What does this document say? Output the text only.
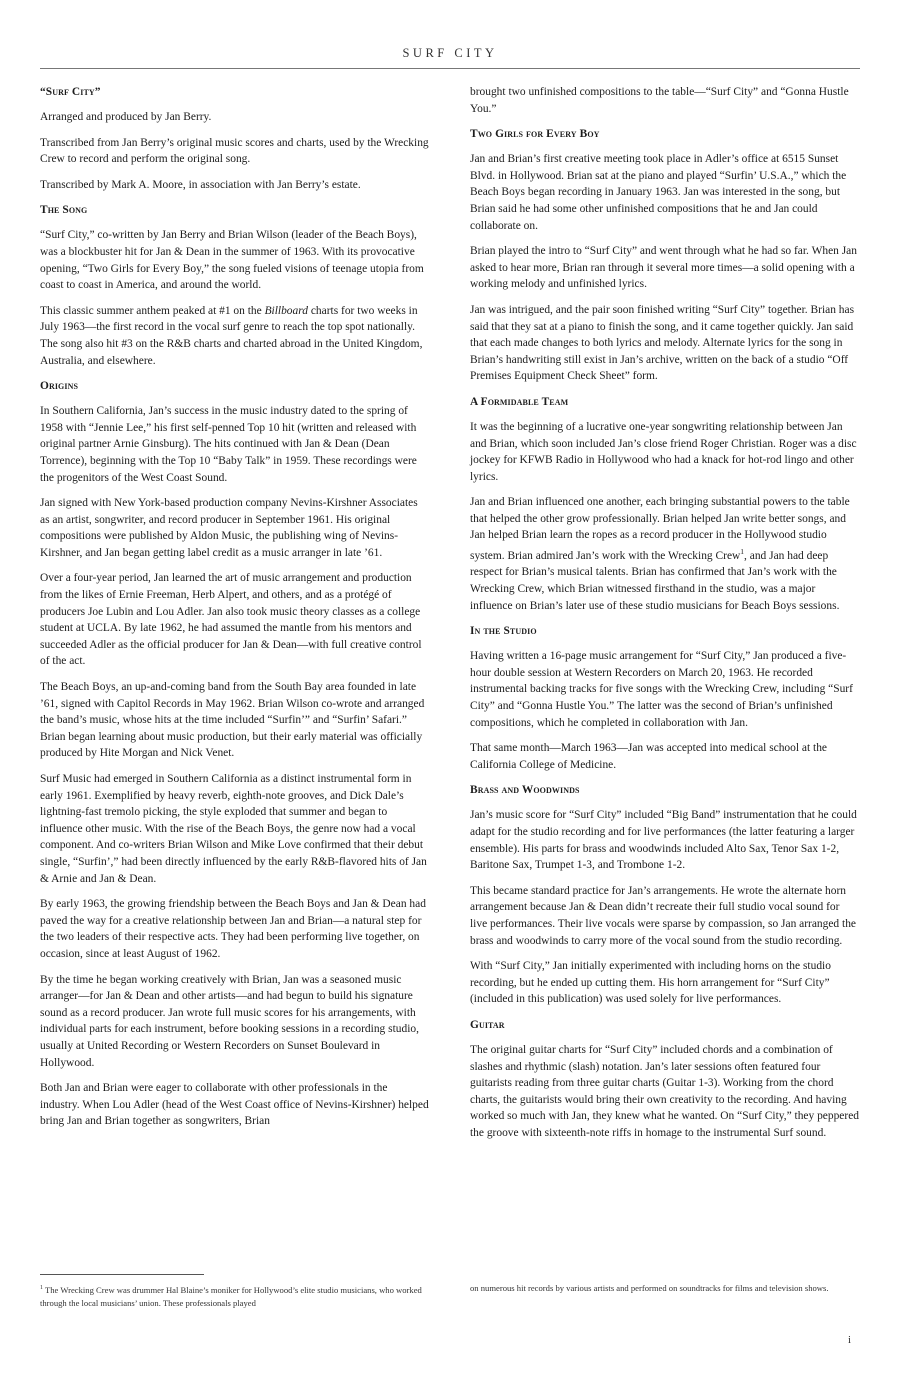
SURF CITY
“Surf City”

Arranged and produced by Jan Berry.

Transcribed from Jan Berry’s original music scores and charts, used by the Wrecking Crew to record and perform the original song.

Transcribed by Mark A. Moore, in association with Jan Berry’s estate.

The Song

“Surf City,” co-written by Jan Berry and Brian Wilson (leader of the Beach Boys), was a blockbuster hit for Jan & Dean in the summer of 1963. With its provocative opening, “Two Girls for Every Boy,” the song fueled visions of teenage utopia from coast to coast in America, and around the world.

This classic summer anthem peaked at #1 on the Billboard charts for two weeks in July 1963—the first record in the vocal surf genre to reach the top spot nationally. The song also hit #3 on the R&B charts and charted abroad in the United Kingdom, Australia, and elsewhere.

Origins

In Southern California, Jan’s success in the music industry dated to the spring of 1958 with “Jennie Lee,” his first self-penned Top 10 hit (written and released with original partner Arnie Ginsburg). The hits continued with Jan & Dean (Dean Torrence), beginning with the Top 10 “Baby Talk” in 1959. These recordings were the progenitors of the West Coast Sound.

Jan signed with New York-based production company Nevins-Kirshner Associates as an artist, songwriter, and record producer in September 1961. His original compositions were published by Aldon Music, the publishing wing of Nevins-Kirshner, and Jan began getting label credit as a music arranger in late ’61.

Over a four-year period, Jan learned the art of music arrangement and production from the likes of Ernie Freeman, Herb Alpert, and others, and as a protégé of producers Joe Lubin and Lou Adler. Jan also took music theory classes as a college student at UCLA. By late 1962, he had assumed the mantle from his mentors and succeeded Adler as the official producer for Jan & Dean—with full creative control of the act.

The Beach Boys, an up-and-coming band from the South Bay area founded in late ’61, signed with Capitol Records in May 1962. Brian Wilson co-wrote and arranged the band’s music, whose hits at the time included “Surfin’” and “Surfin’ Safari.” Brian began learning about music production, but their early material was officially produced by Hite Morgan and Nick Venet.

Surf Music had emerged in Southern California as a distinct instrumental form in early 1961. Exemplified by heavy reverb, eighth-note grooves, and Dick Dale’s lightning-fast tremolo picking, the style exploded that summer and began to influence other music. With the rise of the Beach Boys, the genre now had a vocal component. And co-writers Brian Wilson and Mike Love confirmed that their debut single, “Surfin’,” had been directly influenced by the early R&B-flavored hits of Jan & Arnie and Jan & Dean.

By early 1963, the growing friendship between the Beach Boys and Jan & Dean had paved the way for a creative relationship between Jan and Brian—a natural step for the two leaders of their respective acts. They had been performing live together, on occasion, since at least August of 1962.

By the time he began working creatively with Brian, Jan was a seasoned music arranger—for Jan & Dean and other artists—and had begun to build his signature sound as a record producer. Jan wrote full music scores for his arrangements, with individual parts for each instrument, before booking sessions in a recording studio, usually at United Recording or Western Recorders on Sunset Boulevard in Hollywood.

Both Jan and Brian were eager to collaborate with other professionals in the industry. When Lou Adler (head of the West Coast office of Nevins-Kirshner) helped bring Jan and Brian together as songwriters, Brian

brought two unfinished compositions to the table—“Surf City” and “Gonna Hustle You.”

Two Girls for Every Boy

Jan and Brian’s first creative meeting took place in Adler’s office at 6515 Sunset Blvd. in Hollywood. Brian sat at the piano and played “Surfin’ U.S.A.,” which the Beach Boys began recording in January 1963. Jan was interested in the song, but Brian said he had some other unfinished compositions that he and Jan could collaborate on.

Brian played the intro to “Surf City” and went through what he had so far. When Jan asked to hear more, Brian ran through it several more times—a solid opening with a working melody and unfinished lyrics.

Jan was intrigued, and the pair soon finished writing “Surf City” together. Brian has said that they sat at a piano to finish the song, and it came together quickly. Jan said that each made changes to both lyrics and melody. Alternate lyrics for the song in Brian’s handwriting still exist in Jan’s archive, written on the back of a studio “Off Premises Equipment Check Sheet” form.

A Formidable Team

It was the beginning of a lucrative one-year songwriting relationship between Jan and Brian, which soon included Jan’s close friend Roger Christian. Roger was a disc jockey for KFWB Radio in Hollywood who had a knack for hot-rod lingo and other lyrics.

Jan and Brian influenced one another, each bringing substantial powers to the table that helped the other grow professionally. Brian helped Jan write better songs, and Jan helped Brian learn the ropes as a record producer in the Hollywood studio system. Brian admired Jan’s work with the Wrecking Crew$^1$, and Jan had deep respect for Brian’s musical talents. Brian has confirmed that Jan’s work with the Wrecking Crew, which Brian witnessed firsthand in the studio, was a major influence on Brian’s later use of these studio musicians for Beach Boys sessions.

In the Studio

Having written a 16-page music arrangement for “Surf City,” Jan produced a five-hour double session at Western Recorders on March 20, 1963. He recorded instrumental backing tracks for five songs with the Wrecking Crew, including “Surf City” and “Gonna Hustle You.” The latter was the second of Brian’s unfinished compositions, which he completed in collaboration with Jan.

That same month—March 1963—Jan was accepted into medical school at the California College of Medicine.

Brass and Woodwinds

Jan’s music score for “Surf City” included “Big Band” instrumentation that he could adapt for the studio recording and for live performances (the latter featuring a larger ensemble). His parts for brass and woodwinds included Alto Sax, Tenor Sax 1-2, Baritone Sax, Trumpet 1-3, and Trombone 1-2.

This became standard practice for Jan’s arrangements. He wrote the alternate horn arrangement because Jan & Dean didn’t recreate their full studio vocal sound for live performances. Their live vocals were sparse by compassion, so Jan arranged the brass and woodwinds to carry more of the vocal sound from the studio recording.

With “Surf City,” Jan initially experimented with including horns on the studio recording, but he ended up cutting them. His horn arrangement for “Surf City” (included in this publication) was used solely for live performances.

Guitar

The original guitar charts for “Surf City” included chords and a combination of slashes and rhythmic (slash) notation. Jan’s later sessions often featured four guitarists reading from three guitar charts (Guitar 1-3). Working from the chord charts, the guitarists would bring their own creativity to the recording. And having worked so much with Jan, they knew what he wanted. On “Surf City,” they peppered the groove with sixteenth-note riffs in homage to the instrumental Surf sound.

$^1$ The Wrecking Crew was drummer Hal Blaine’s moniker for Hollywood’s elite studio musicians, who worked through the local musicians’ union. These professionals played
on numerous hit records by various artists and performed on soundtracks for films and television shows.
i
